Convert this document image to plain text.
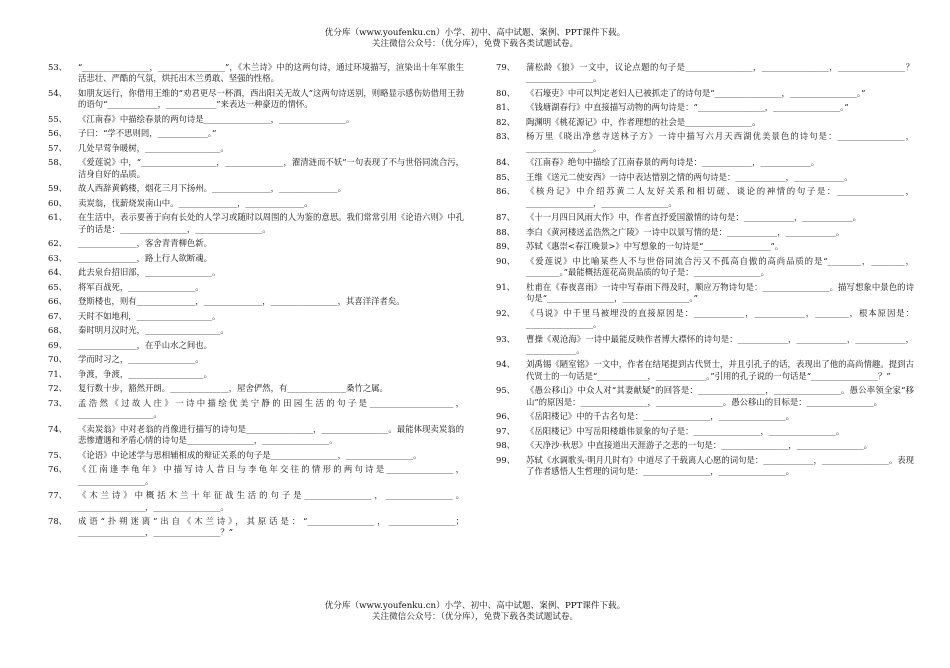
优分库（www.youfenku.cn）小学、初中、高中试题、案例、PPT课件下载。
关注微信公众号：（优分库），免费下载各类试题试卷。
53、	“________________，________________”，《木兰诗》中的这两句诗，通过环境描写，渲染出十年军旅生活悲壮、严酷的气氛，烘托出木兰勇敢、坚强的性格。
54、	如朋友远行，你借用王维的“劝君更尽一杯酒，西出阳关无故人”这两句诗送别，则略显示感伤妨借用王勃的语句“____________，____________”来表达一种豪迈的情怀。
55、	《江南春》中描绘春景的两句诗是________________，________________。
56、	子曰：“学不思则罔，____________。”
57、	几处早莺争暖树，__________________。
58、	《爱莲说》中，“__________________，______________，濯清涟而不妖”一句表现了不与世俗同流合污，洁身自好的品质。
59、	故人西辞黄鹤楼，烟花三月下扬州。______________，______________。
60、	卖炭翁，伐薪烧炭南山中。______________，______________。
61、	在生活中，表示要善于向有长处的人学习或随时以周围的人为鉴的意思。我们常常引用《论语六则》中孔子的话是：________________，________________。
62、	______________，客舍青青柳色新。
63、	______________，路上行人欲断魂。
64、	此去泉台招旧部，________________。
65、	将军百战死，________________。
66、	登斯楼也，则有______________，______________，________________，其喜洋洋者矣。
67、	天时不如地利，__________________。
68、	秦时明月汉时光，__________________。
69、	______________，在乎山水之间也。
70、	学而时习之，________________。
71、	争渡，争渡，__________________。
72、	复行数十步，豁然开朗。______________，屋舍俨然，有______________桑竹之属。
73、	孟浩然《过故人庄》一诗中描绘优美宁静的田园生活的句子是____________________，__________________。
74、	《卖炭翁》中对老翁的肖像进行描写的诗句是________________，________________。最能体现卖炭翁的悲惨遭遇和矛盾心情的诗句是________________，________________。
75、	《论语》中论述学与思相辅相成的辩证关系的句子是________________，________________。
76、	《江南逢李龟年》中描写诗人昔日与李龟年交往的情形的两句诗是________________，________________。
77、	《木兰诗》中概括木兰十年征战生活的句子是________________，________________。________________，________________。
78、	成语“扑朔迷离”出自《木兰诗》，其原话是：“________________，________________；________________，________________？”
79、	蒲松龄《狼》一文中，议论点题的句子是________________，________________，________________？________________。
80、	《石壕吏》中可以判定老妇人已被抓走了的诗句是“________________，________________。”
81、	《钱塘湖春行》中直接描写动物的两句诗是：“________________，________________。”
82、	陶渊明《桃花源记》中，作者理想的社会是________________。
83、	杨万里《晓出净慈寺送林子方》一诗中描写六月天西湖优美景色的诗句是：________________，________________。
84、	《江南春》绝句中描绘了江南春景的两句诗是：____________，____________。
85、	王维《送元二使安西》一诗中表达惜别之情的两句诗是：____________，____________。
86、	《核舟记》中介绍苏黄二人友好关系和相切磋、谈论的神情的句子是：________________，________________，________________。
87、	《十一月四日风雨大作》中，作者直抒爱国激情的诗句是：____________，____________。
88、	李白《黄河楼送孟浩然之广陵》一诗中以景写情的是：____________，____________。
89、	苏轼《惠崇<春江晚景>》中写想象的一句诗是“________________”。
90、	《爱莲说》中比喻某些人不与世俗同流合污又不孤高自傲的高尚品质的是“________，________，________。”最能概括莲花高贵品质的句子是：________________。
91、	杜甫在《春夜喜雨》一诗中写春雨下得及时，顺应万物诗句是：________________。描写想象中景色的诗句是“________________，________________。”
92、	《马说》中千里马被埋没的直接原因是：____________，____________，________，根本原因是：________________。
93、	曹操《观沧海》一诗中最能反映作者博大襟怀的诗句是：____________，____________，____________，____________。
94、	刘禹锡《陋室铭》一文中，作者在结尾提到古代贤士，并且引孔子的话，表现出了他的高尚情趣。提到古代贤士的一句话是“____________，____________。”引用的孔子说的一句话是“________________？”
95、	《愚公移山》中众人对“其妻献疑”的回答是：________________，________________。愚公率领全家“移山”的原因是：________________，________________。愚公移山的目标是：________________。
96、	《岳阳楼记》中的千古名句是：________________，________________。
97、	《岳阳楼记》中写岳阳楼雄伟景象的句子是：________________，________________。
98、	《天净沙·秋思》中直接道出天涯游子之悲的一句是：________________，________________。
99、	苏轼《水调歌头·明月几时有》中道尽了千载离人心愿的词句是：____________，________________。表现了作者感悟人生哲理的词句是：________________，________________。
优分库（www.youfenku.cn）小学、初中、高中试题、案例、PPT课件下载。
关注微信公众号：（优分库），免费下载各类试题试卷。
